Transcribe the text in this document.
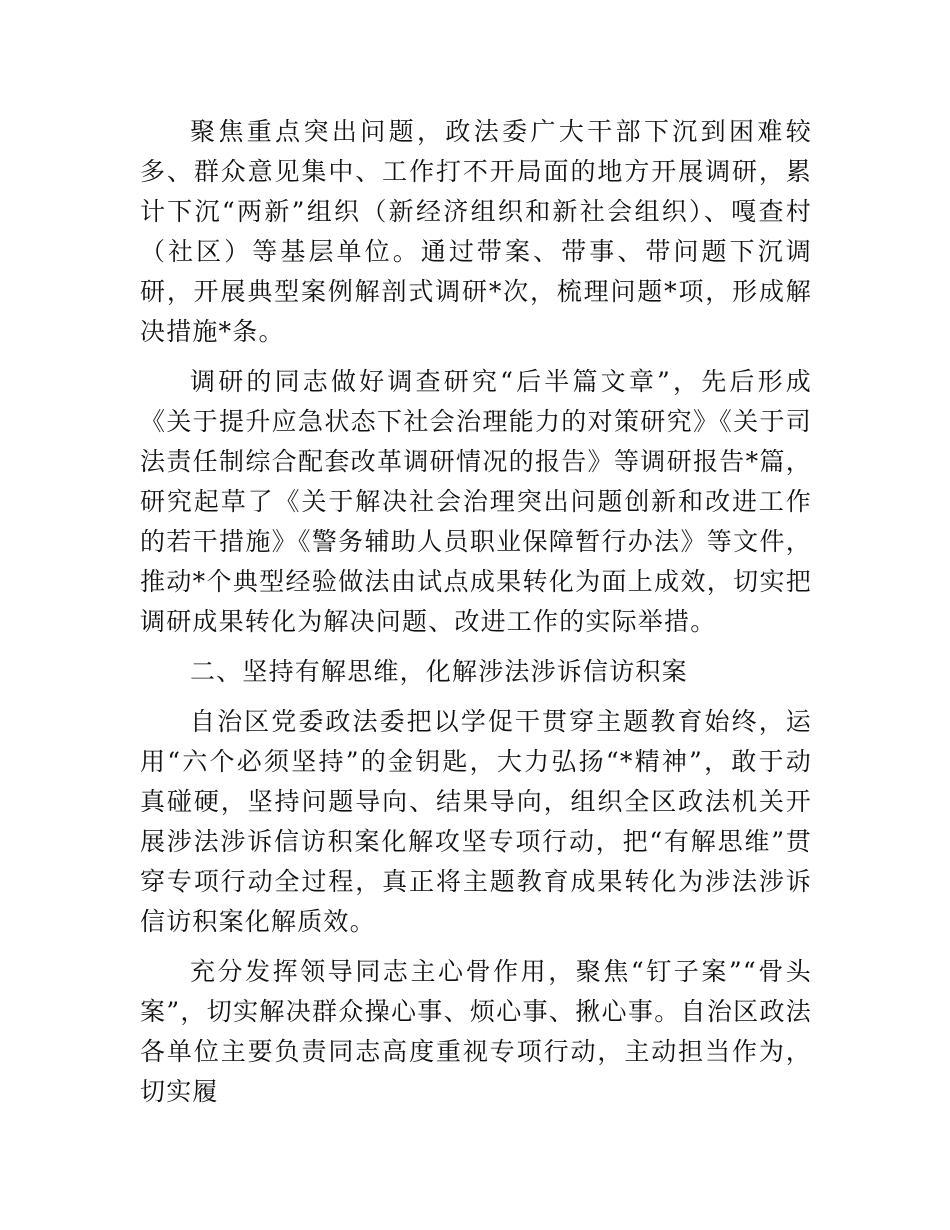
聚焦重点突出问题，政法委广大干部下沉到困难较多、群众意见集中、工作打不开局面的地方开展调研，累计下沉“两新”组织（新经济组织和新社会组织）、嘎查村（社区）等基层单位。通过带案、带事、带问题下沉调研，开展典型案例解剖式调研*次，梳理问题*项，形成解决措施*条。

调研的同志做好调查研究“后半篇文章”，先后形成《关于提升应急状态下社会治理能力的对策研究》《关于司法责任制综合配套改革调研情况的报告》等调研报告*篇，研究起草了《关于解决社会治理突出问题创新和改进工作的若干措施》《警务辅助人员职业保障暂行办法》等文件，推动*个典型经验做法由试点成果转化为面上成效，切实把调研成果转化为解决问题、改进工作的实际举措。

二、坚持有解思维，化解涉法涉诉信访积案

自治区党委政法委把以学促干贯穿主题教育始终，运用“六个必须坚持”的金钥匙，大力弘扬“*精神”，敢于动真碰硬，坚持问题导向、结果导向，组织全区政法机关开展涉法涉诉信访积案化解攻坚专项行动，把“有解思维”贯穿专项行动全过程，真正将主题教育成果转化为涉法涉诉信访积案化解质效。

充分发挥领导同志主心骨作用，聚焦“钉子案”“骨头案”，切实解决群众操心事、烦心事、揪心事。自治区政法各单位主要负责同志高度重视专项行动，主动担当作为，切实履
